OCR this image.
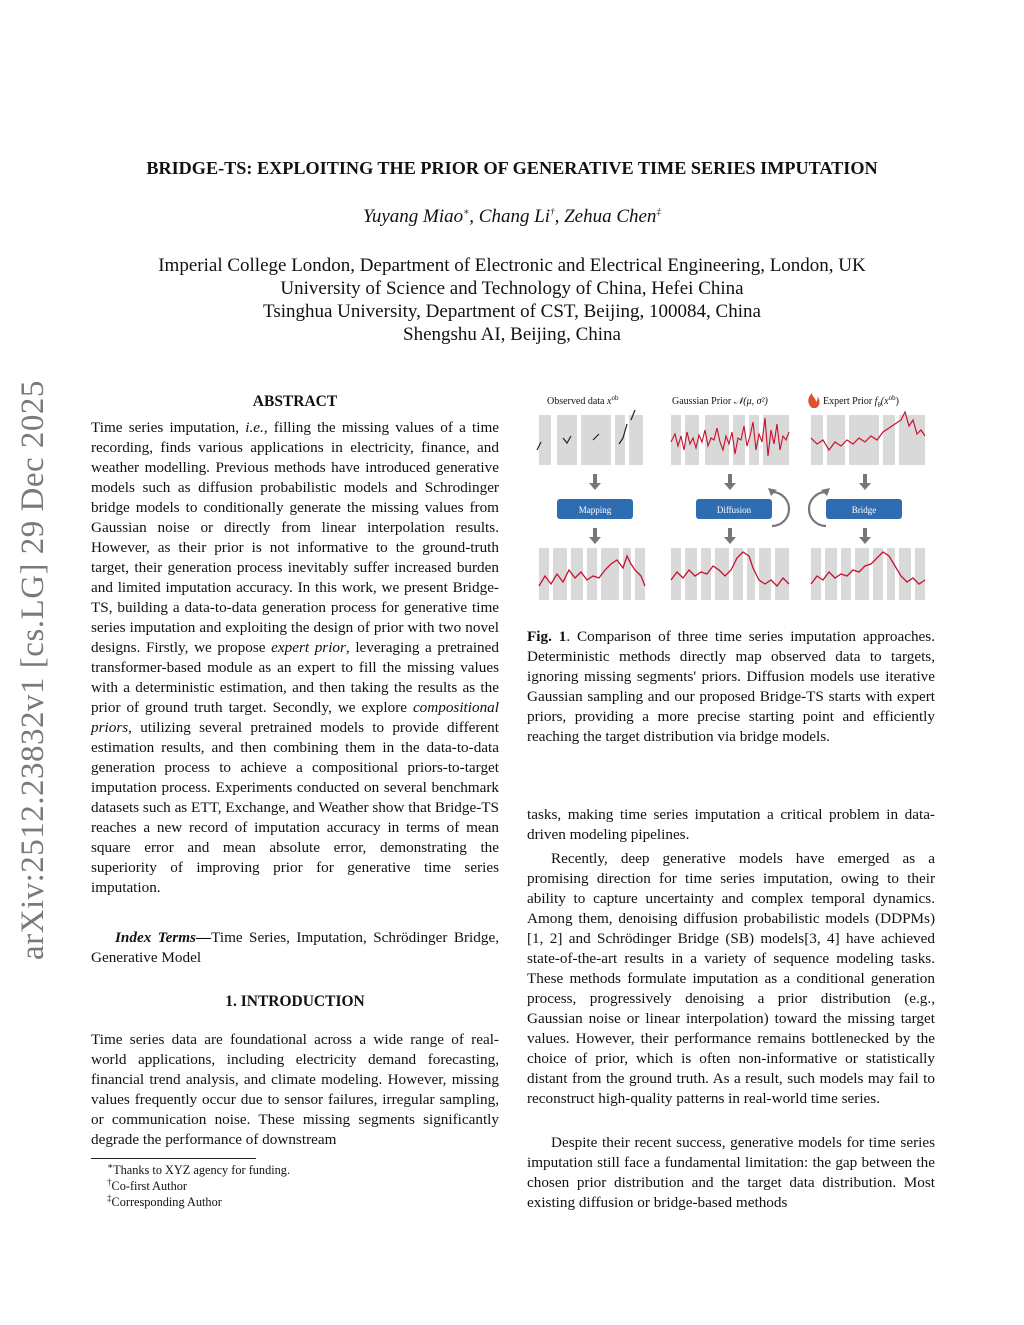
arXiv:2512.23832v1 [cs.LG] 29 Dec 2025
BRIDGE-TS: EXPLOITING THE PRIOR OF GENERATIVE TIME SERIES IMPUTATION
Yuyang Miao∗, Chang Li†, Zehua Chen‡
Imperial College London, Department of Electronic and Electrical Engineering, London, UK
University of Science and Technology of China, Hefei China
Tsinghua University, Department of CST, Beijing, 100084, China
Shengshu AI, Beijing, China
ABSTRACT
Time series imputation, i.e., filling the missing values of a time recording, finds various applications in electricity, finance, and weather modelling. Previous methods have introduced generative models such as diffusion probabilistic models and Schrodinger bridge models to conditionally generate the missing values from Gaussian noise or directly from linear interpolation results. However, as their prior is not informative to the ground-truth target, their generation process inevitably suffer increased burden and limited imputation accuracy. In this work, we present Bridge-TS, building a data-to-data generation process for generative time series imputation and exploiting the design of prior with two novel designs. Firstly, we propose expert prior, leveraging a pretrained transformer-based module as an expert to fill the missing values with a deterministic estimation, and then taking the results as the prior of ground truth target. Secondly, we explore compositional priors, utilizing several pretrained models to provide different estimation results, and then combining them in the data-to-data generation process to achieve a compositional priors-to-target imputation process. Experiments conducted on several benchmark datasets such as ETT, Exchange, and Weather show that Bridge-TS reaches a new record of imputation accuracy in terms of mean square error and mean absolute error, demonstrating the superiority of improving prior for generative time series imputation.
Index Terms—Time Series, Imputation, Schrödinger Bridge, Generative Model
1. INTRODUCTION
Time series data are foundational across a wide range of real-world applications, including electricity demand forecasting, financial trend analysis, and climate modeling. However, missing values frequently occur due to sensor failures, irregular sampling, or communication noise. These missing segments significantly degrade the performance of downstream
∗Thanks to XYZ agency for funding.
†Co-first Author
‡Corresponding Author
Observed data $x^{ob}$	Gaussian Prior 𝒩(μ, σ²)	Expert Prior $f_\theta(x^{ob})$
Mapping	Diffusion	Bridge
Fig. 1. Comparison of three time series imputation approaches. Deterministic methods directly map observed data to targets, ignoring missing segments' priors. Diffusion models use iterative Gaussian sampling and our proposed Bridge-TS starts with expert priors, providing a more precise starting point and efficiently reaching the target distribution via bridge models.
tasks, making time series imputation a critical problem in data-driven modeling pipelines.
Recently, deep generative models have emerged as a promising direction for time series imputation, owing to their ability to capture uncertainty and complex temporal dynamics. Among them, denoising diffusion probabilistic models (DDPMs)[1, 2] and Schrödinger Bridge (SB) models[3, 4] have achieved state-of-the-art results in a variety of sequence modeling tasks. These methods formulate imputation as a conditional generation process, progressively denoising a prior distribution (e.g., Gaussian noise or linear interpolation) toward the missing target values. However, their performance remains bottlenecked by the choice of prior, which is often non-informative or statistically distant from the ground truth. As a result, such models may fail to reconstruct high-quality patterns in real-world time series.
Despite their recent success, generative models for time series imputation still face a fundamental limitation: the gap between the chosen prior distribution and the target data distribution. Most existing diffusion or bridge-based methods
